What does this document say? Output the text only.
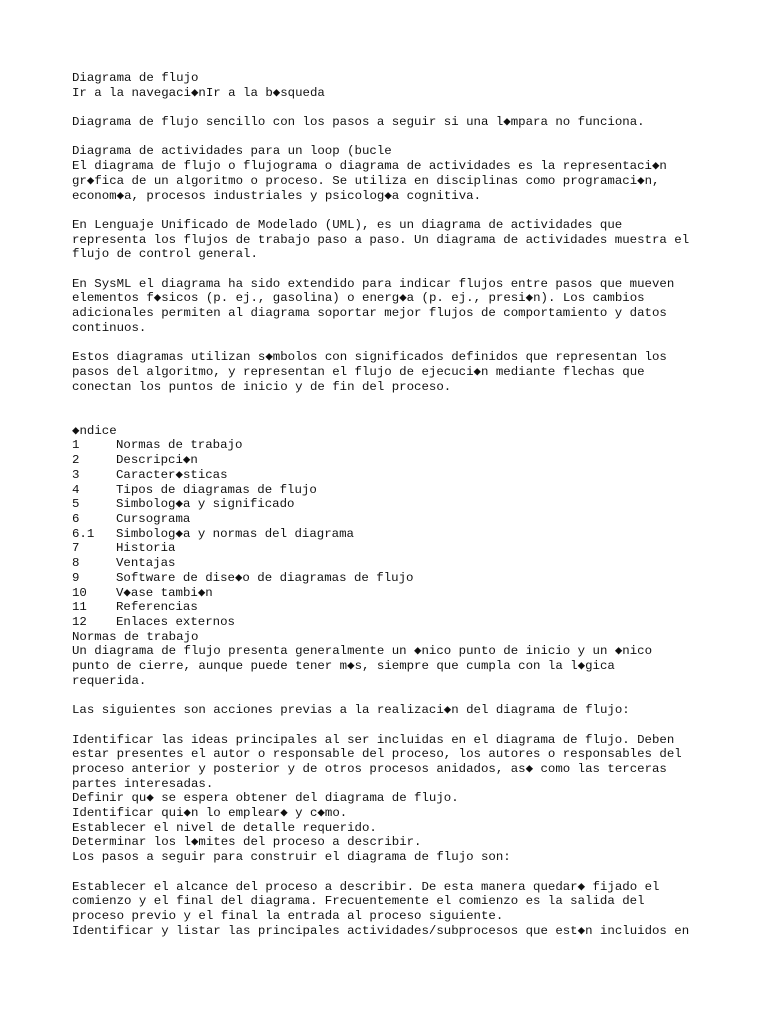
Diagrama de flujo
Ir a la navegaci◆nIr a la b◆squeda
Diagrama de flujo sencillo con los pasos a seguir si una l◆mpara no funciona.
Diagrama de actividades para un loop (bucle
El diagrama de flujo o flujograma o diagrama de actividades es la representaci◆n
gr◆fica de un algoritmo o proceso. Se utiliza en disciplinas como programaci◆n,
econom◆a, procesos industriales y psicolog◆a cognitiva.
En Lenguaje Unificado de Modelado (UML), es un diagrama de actividades que
representa los flujos de trabajo paso a paso. Un diagrama de actividades muestra el
flujo de control general.
En SysML el diagrama ha sido extendido para indicar flujos entre pasos que mueven
elementos f◆sicos (p. ej., gasolina) o energ◆a (p. ej., presi◆n). Los cambios
adicionales permiten al diagrama soportar mejor flujos de comportamiento y datos
continuos.
Estos diagramas utilizan s◆mbolos con significados definidos que representan los
pasos del algoritmo, y representan el flujo de ejecuci◆n mediante flechas que
conectan los puntos de inicio y de fin del proceso.
◆ndice
1	Normas de trabajo
2	Descripci◆n
3	Caracter◆sticas
4	Tipos de diagramas de flujo
5	Simbolog◆a y significado
6	Cursograma
6.1 Simbolog◆a y normas del diagrama
7	Historia
8	Ventajas
9	Software de dise◆o de diagramas de flujo
10 V◆ase tambi◆n
11 Referencias
12 Enlaces externos
Normas de trabajo
Un diagrama de flujo presenta generalmente un ◆nico punto de inicio y un ◆nico
punto de cierre, aunque puede tener m◆s, siempre que cumpla con la l◆gica
requerida.
Las siguientes son acciones previas a la realizaci◆n del diagrama de flujo:
Identificar las ideas principales al ser incluidas en el diagrama de flujo. Deben
estar presentes el autor o responsable del proceso, los autores o responsables del
proceso anterior y posterior y de otros procesos anidados, as◆ como las terceras
partes interesadas.
Definir qu◆ se espera obtener del diagrama de flujo.
Identificar qui◆n lo emplear◆ y c◆mo.
Establecer el nivel de detalle requerido.
Determinar los l◆mites del proceso a describir.
Los pasos a seguir para construir el diagrama de flujo son:
Establecer el alcance del proceso a describir. De esta manera quedar◆ fijado el
comienzo y el final del diagrama. Frecuentemente el comienzo es la salida del
proceso previo y el final la entrada al proceso siguiente.
Identificar y listar las principales actividades/subprocesos que est◆n incluidos en
